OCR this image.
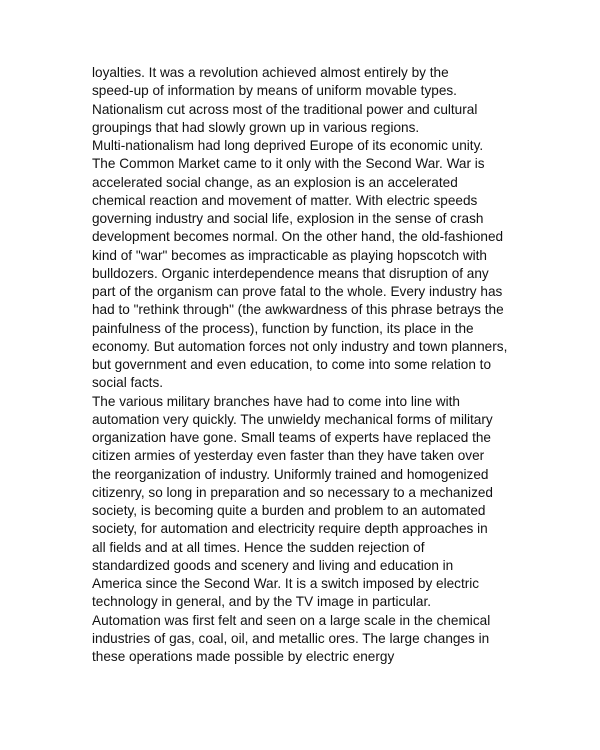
loyalties. It was a revolution achieved almost entirely by the
speed-up of information by means of uniform movable types.
Nationalism cut across most of the traditional power and cultural
groupings that had slowly grown up in various regions.
Multi-nationalism had long deprived Europe of its economic unity.
The Common Market came to it only with the Second War. War is
accelerated social change, as an explosion is an accelerated
chemical reaction and movement of matter. With electric speeds
governing industry and social life, explosion in the sense of crash
development becomes normal. On the other hand, the old-fashioned
kind of "war" becomes as impracticable as playing hopscotch with
bulldozers. Organic interdependence means that disruption of any
part of the organism can prove fatal to the whole. Every industry has
had to "rethink through" (the awkwardness of this phrase betrays the
painfulness of the process), function by function, its place in the
economy. But automation forces not only industry and town planners,
but government and even education, to come into some relation to
social facts.
The various military branches have had to come into line with
automation very quickly. The unwieldy mechanical forms of military
organization have gone. Small teams of experts have replaced the
citizen armies of yesterday even faster than they have taken over
the reorganization of industry. Uniformly trained and homogenized
citizenry, so long in preparation and so necessary to a mechanized
society, is becoming quite a burden and problem to an automated
society, for automation and electricity require depth approaches in
all fields and at all times. Hence the sudden rejection of
standardized goods and scenery and living and education in
America since the Second War. It is a switch imposed by electric
technology in general, and by the TV image in particular.
Automation was first felt and seen on a large scale in the chemical
industries of gas, coal, oil, and metallic ores. The large changes in
these operations made possible by electric energy
